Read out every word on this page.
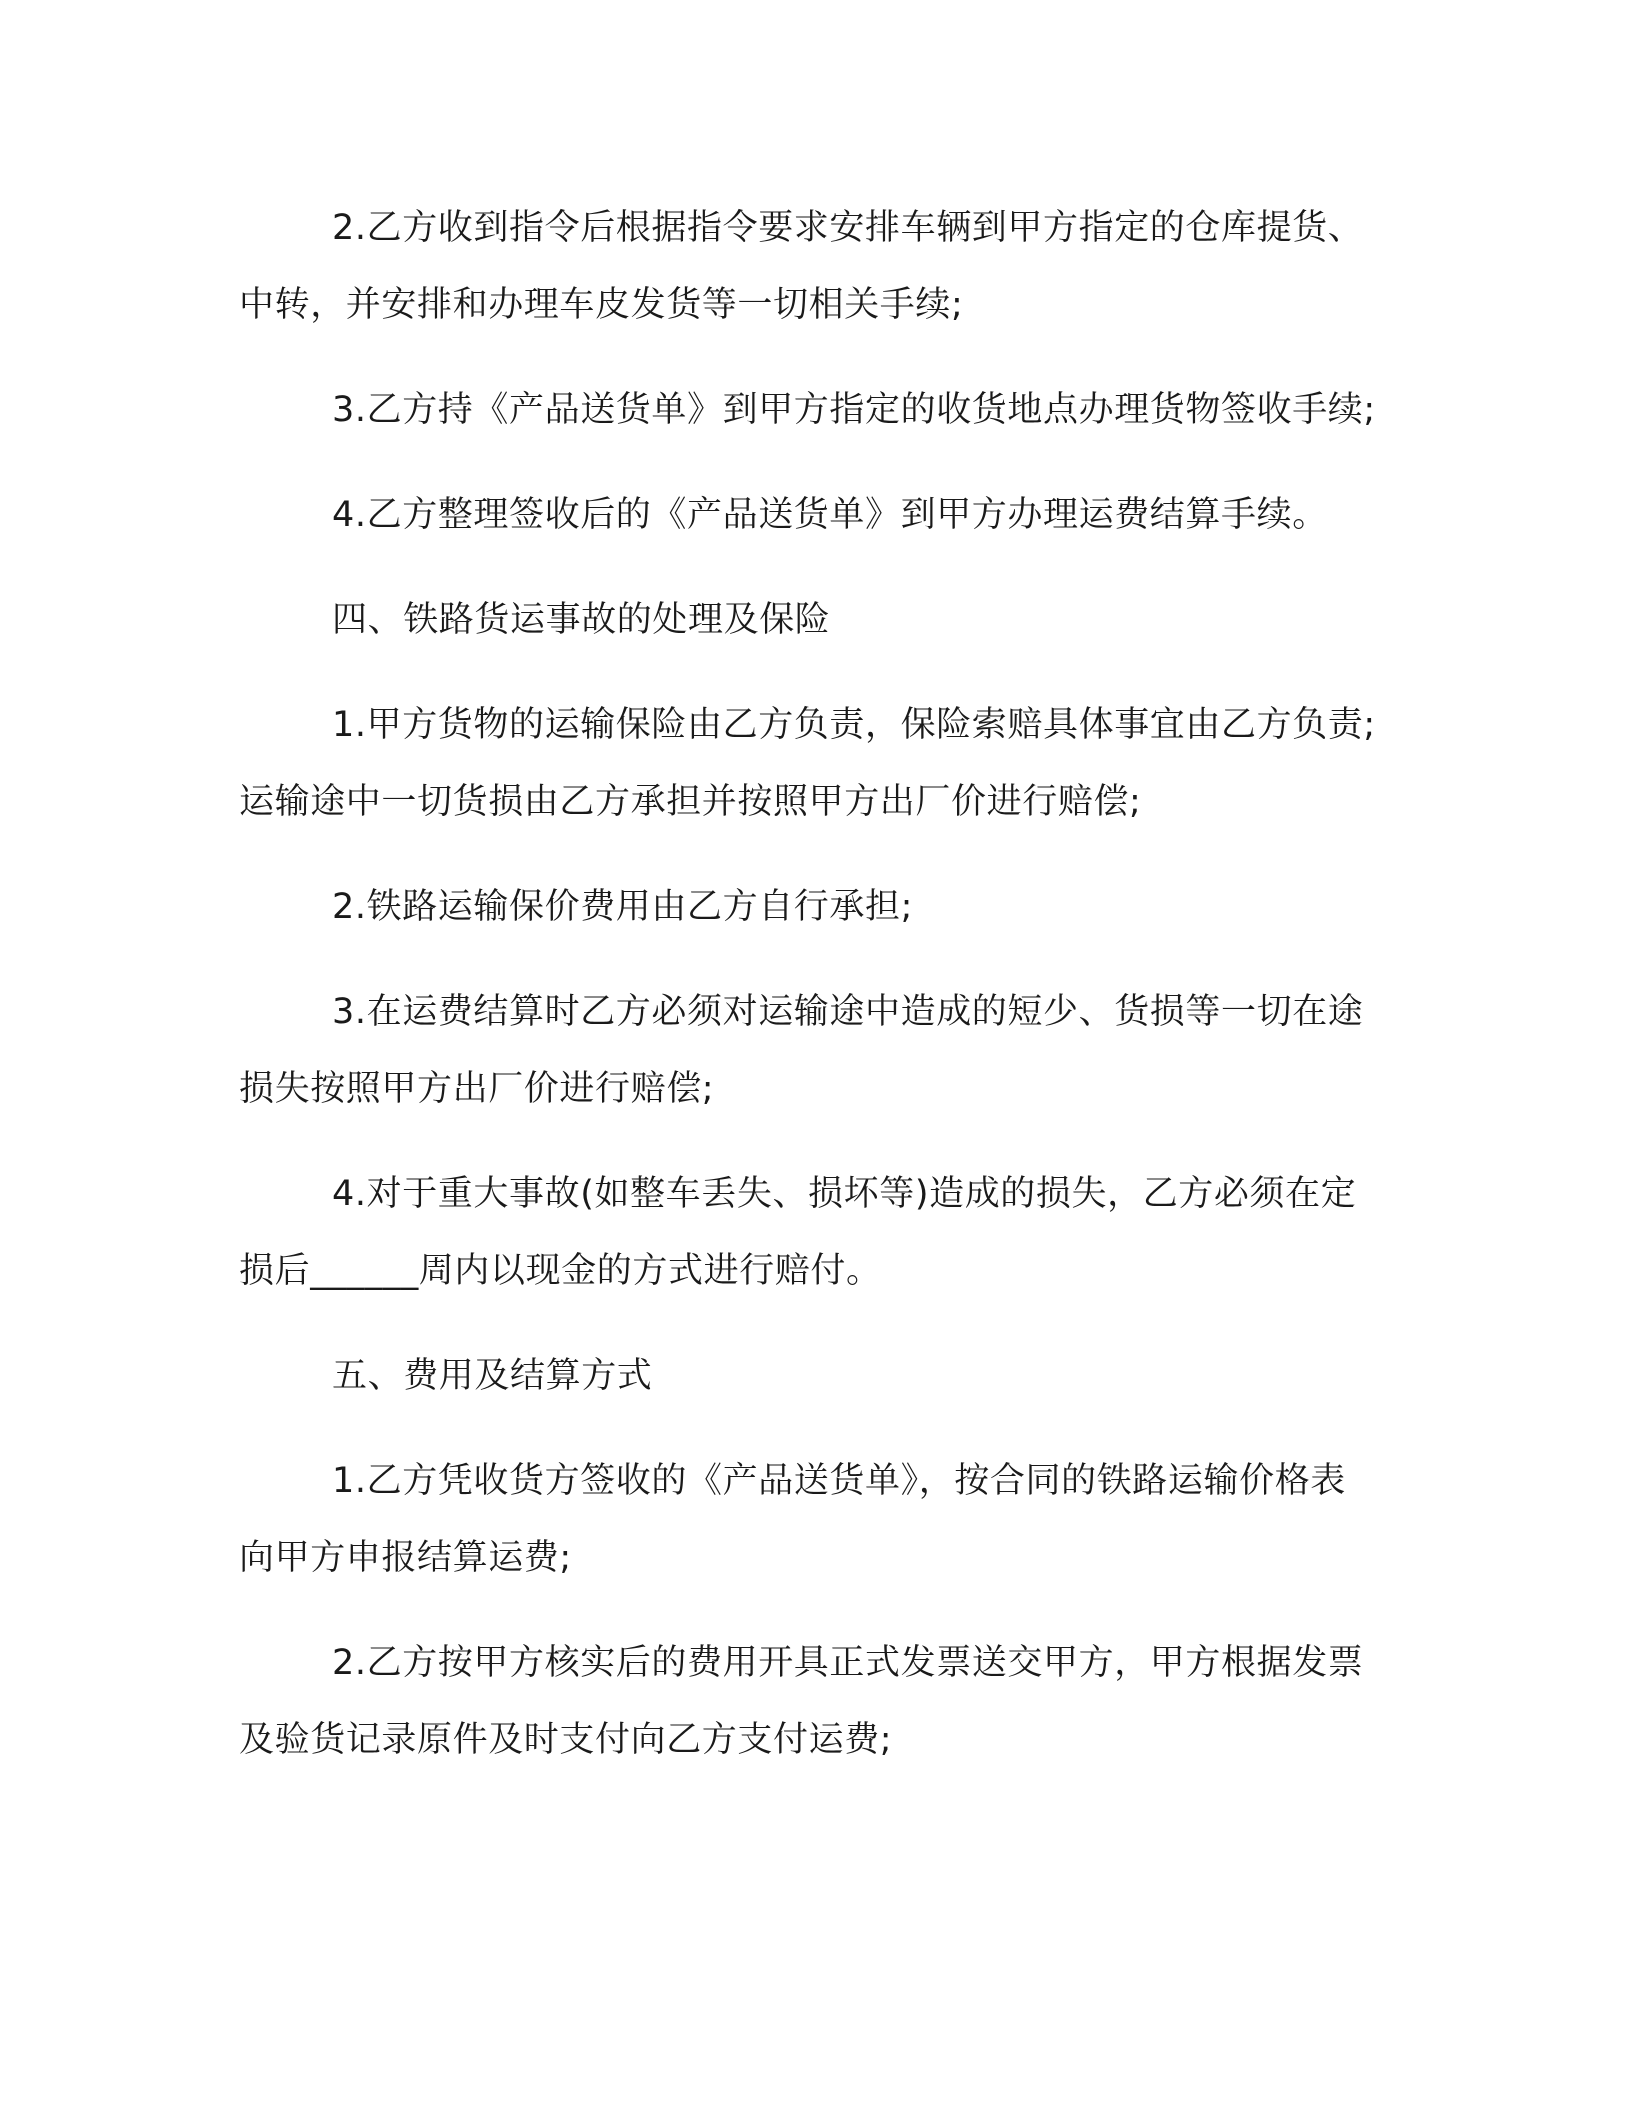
2.乙方收到指令后根据指令要求安排车辆到甲方指定的仓库提货、中转，并安排和办理车皮发货等一切相关手续;

3.乙方持《产品送货单》到甲方指定的收货地点办理货物签收手续;

4.乙方整理签收后的《产品送货单》到甲方办理运费结算手续。

四、铁路货运事故的处理及保险

1.甲方货物的运输保险由乙方负责，保险索赔具体事宜由乙方负责;运输途中一切货损由乙方承担并按照甲方出厂价进行赔偿;

2.铁路运输保价费用由乙方自行承担;

3.在运费结算时乙方必须对运输途中造成的短少、货损等一切在途损失按照甲方出厂价进行赔偿;

4.对于重大事故(如整车丢失、损坏等)造成的损失，乙方必须在定损后______周内以现金的方式进行赔付。

五、费用及结算方式

1.乙方凭收货方签收的《产品送货单》，按合同的铁路运输价格表向甲方申报结算运费;

2.乙方按甲方核实后的费用开具正式发票送交甲方，甲方根据发票及验货记录原件及时支付向乙方支付运费;
